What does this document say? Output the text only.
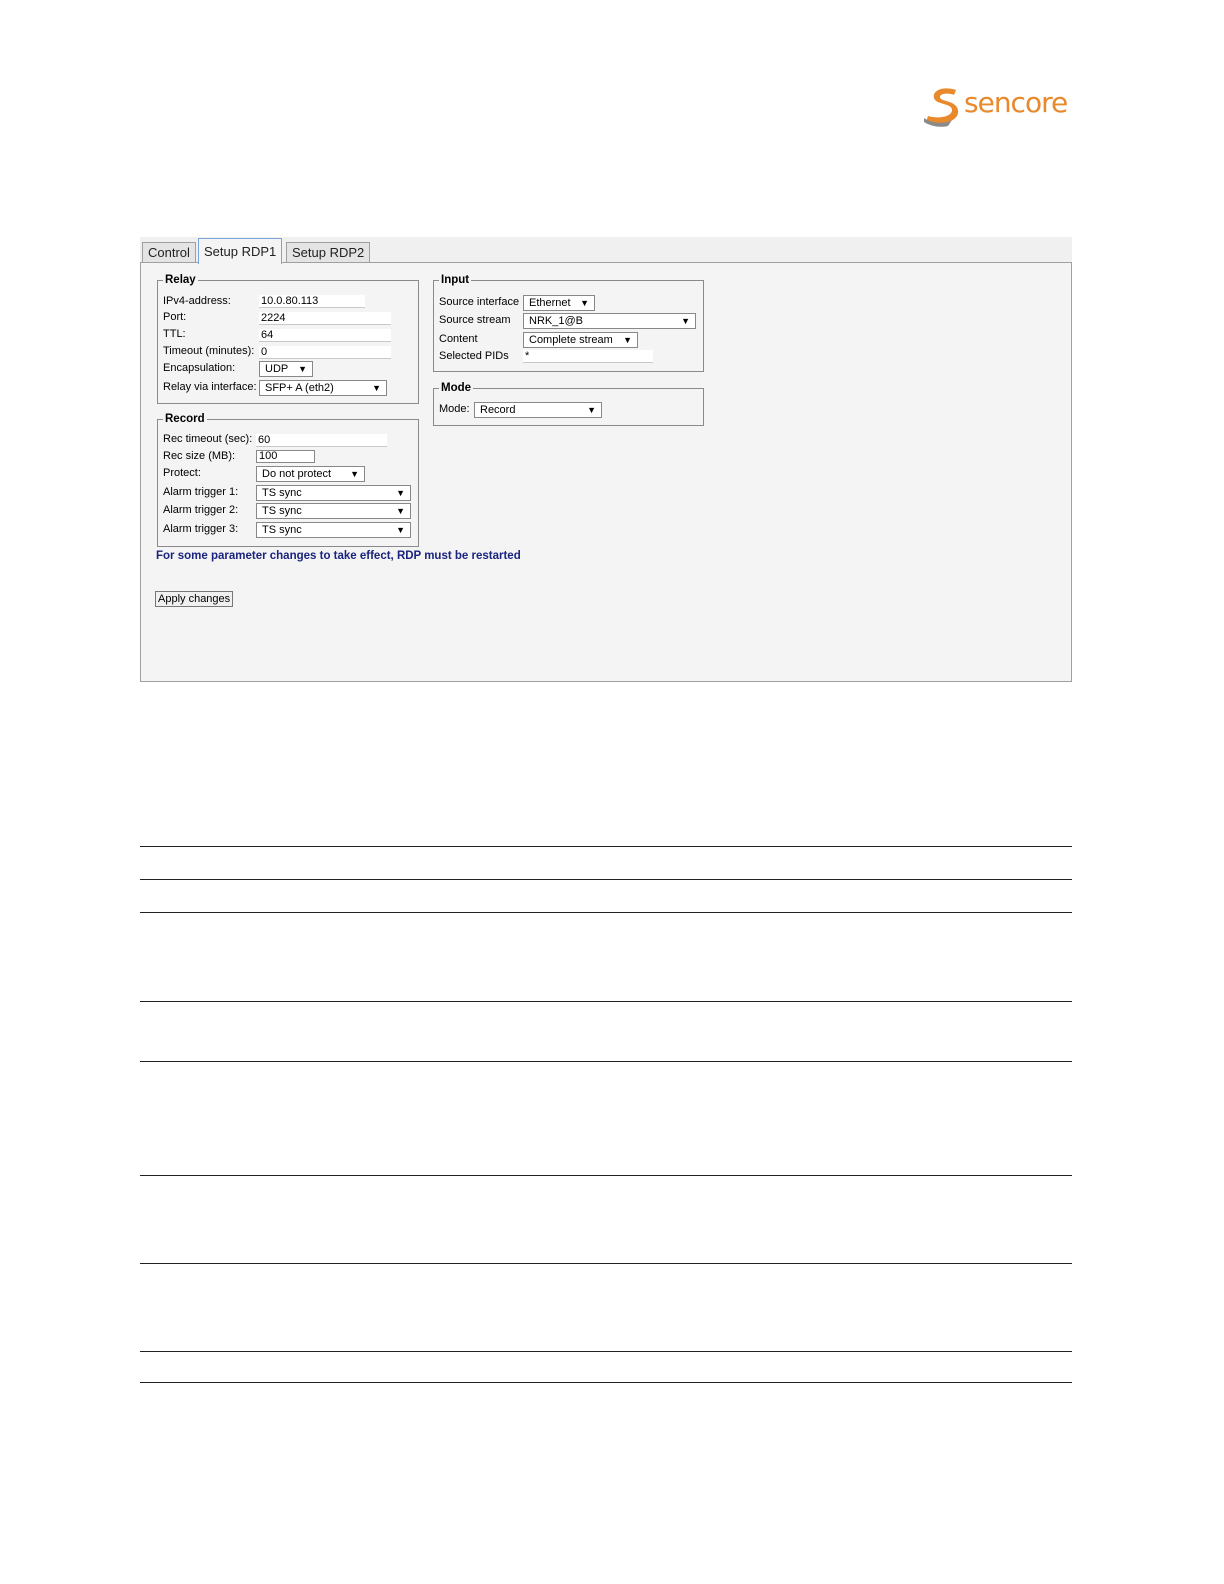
sencore
Control	Setup RDP1	Setup RDP2
Relay
IPv4-address:
10.0.80.113
Port:
2224
TTL:
64
Timeout (minutes):
0
Encapsulation:	UDP ▼
Relay via interface: SFP+ A (eth2)	▼
Record
Rec timeout (sec):
60
Rec size (MB):
100
Protect:	Do not protect ▼
Alarm trigger 1:	TS sync	▼
Alarm trigger 2:	TS sync	▼
Alarm trigger 3:	TS sync	▼
Input
Source interface Ethernet ▼
Source stream	NRK_1@B	▼
Content	Complete stream ▼
Selected PIDs
*
Mode
Mode: Record	▼
For some parameter changes to take effect, RDP must be restarted
Apply changes
